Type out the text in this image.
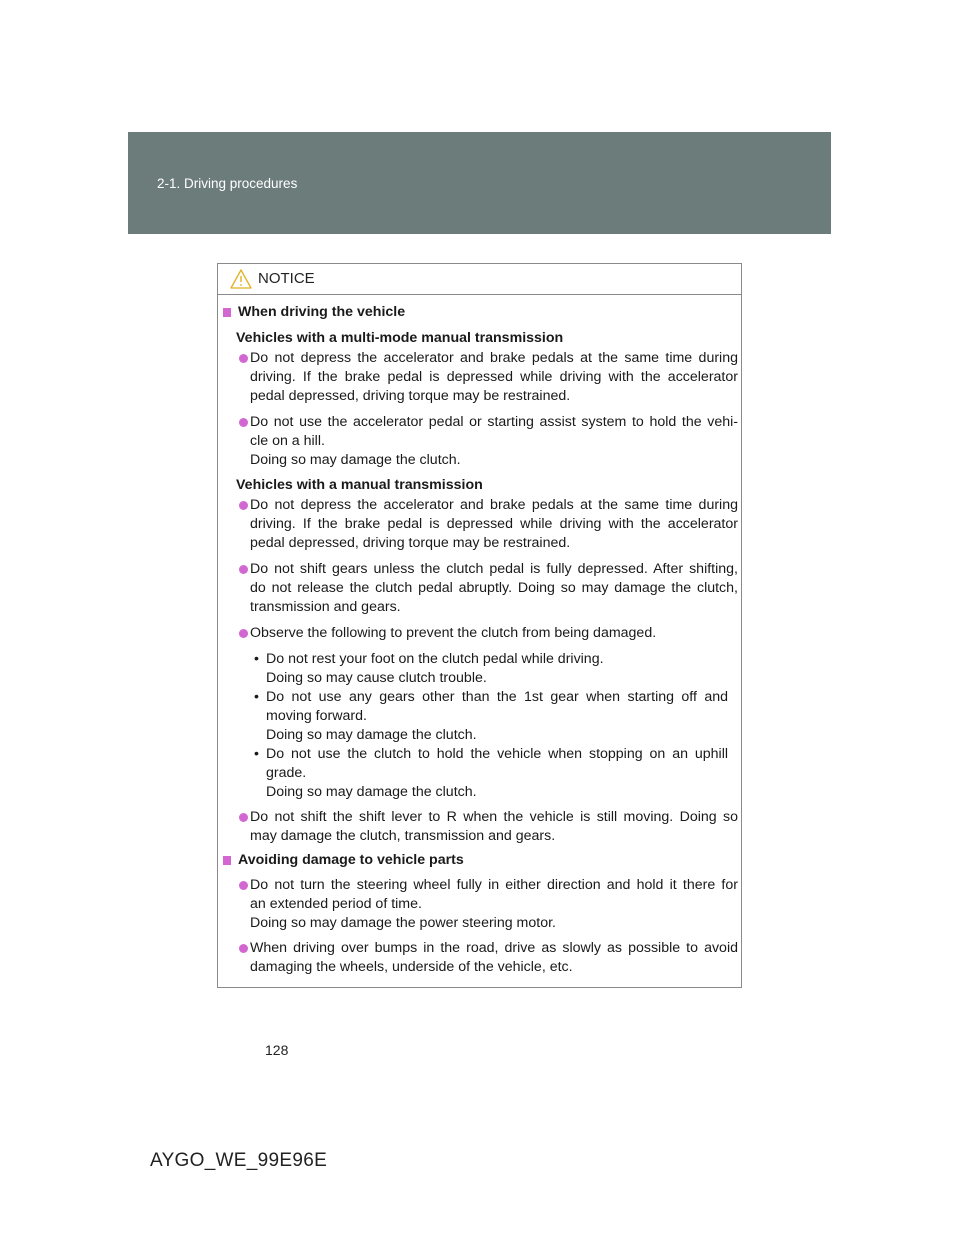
2-1. Driving procedures
NOTICE
When driving the vehicle
Vehicles with a multi-mode manual transmission
Do not depress the accelerator and brake pedals at the same time during
driving. If the brake pedal is depressed while driving with the accelerator
pedal depressed, driving torque may be restrained.
Do not use the accelerator pedal or starting assist system to hold the vehi-
cle on a hill.
Doing so may damage the clutch.
Vehicles with a manual transmission
Do not depress the accelerator and brake pedals at the same time during
driving. If the brake pedal is depressed while driving with the accelerator
pedal depressed, driving torque may be restrained.
Do not shift gears unless the clutch pedal is fully depressed. After shifting,
do not release the clutch pedal abruptly. Doing so may damage the clutch,
transmission and gears.
Observe the following to prevent the clutch from being damaged.
• Do not rest your foot on the clutch pedal while driving.
Doing so may cause clutch trouble.
• Do not use any gears other than the 1st gear when starting off and
moving forward.
Doing so may damage the clutch.
• Do not use the clutch to hold the vehicle when stopping on an uphill
grade.
Doing so may damage the clutch.
Do not shift the shift lever to R when the vehicle is still moving. Doing so
may damage the clutch, transmission and gears.
Avoiding damage to vehicle parts
Do not turn the steering wheel fully in either direction and hold it there for
an extended period of time.
Doing so may damage the power steering motor.
When driving over bumps in the road, drive as slowly as possible to avoid
damaging the wheels, underside of the vehicle, etc.
128
AYGO_WE_99E96E
